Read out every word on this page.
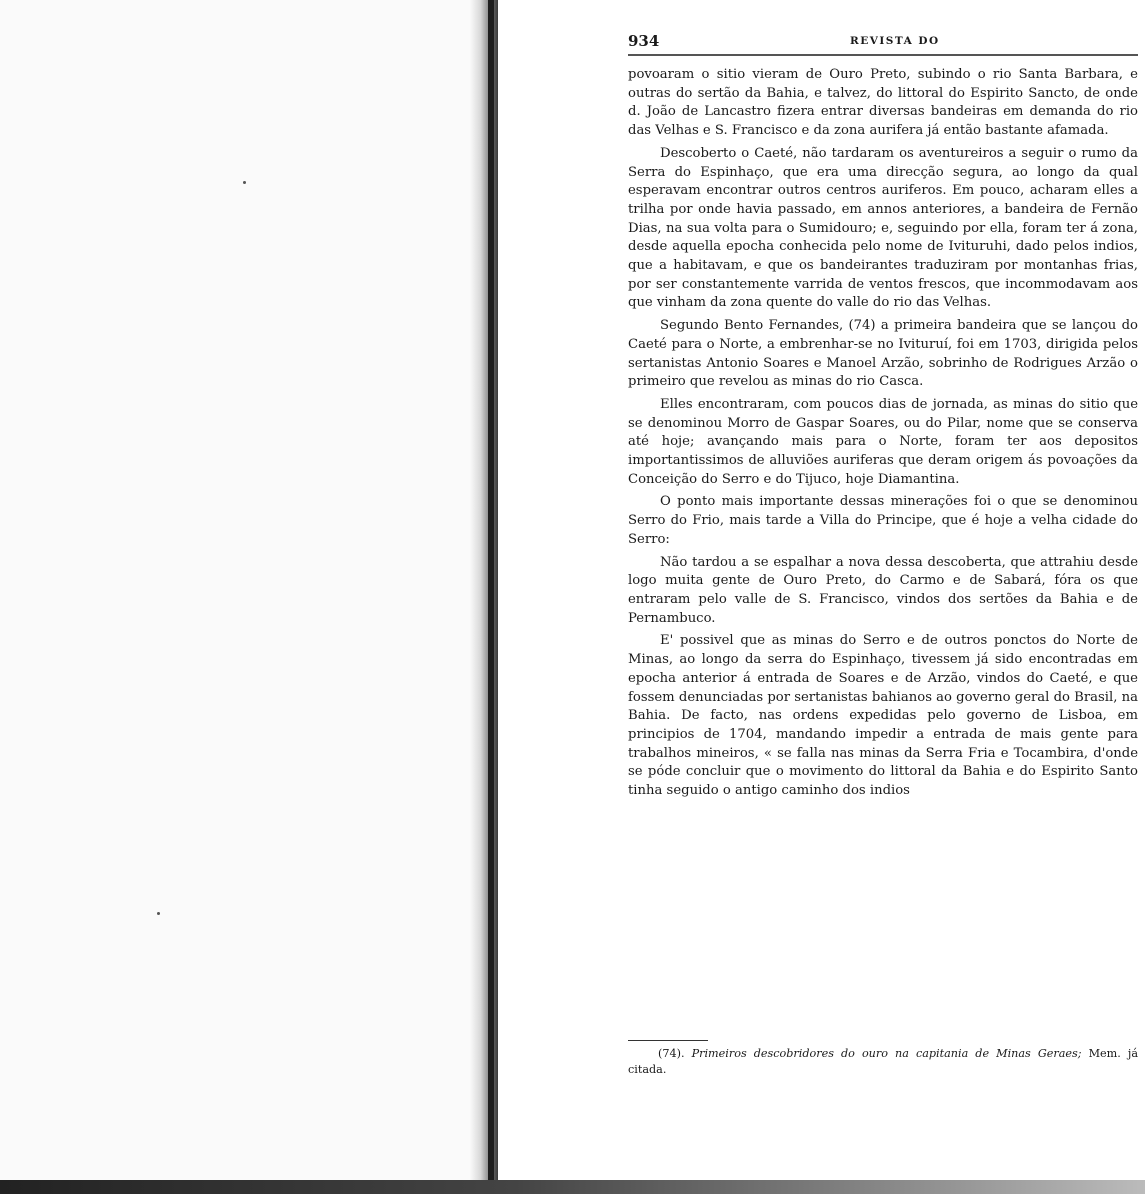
934	REVISTA DO

povoaram o sitio vieram de Ouro Preto, subindo o rio Santa Barbara, e outras do sertão da Bahia, e talvez, do littoral do Espirito Sancto, de onde d. João de Lancastro fizera entrar diversas bandeiras em demanda do rio das Velhas e S. Francisco e da zona aurifera já então bastante afamada.

Descoberto o Caeté, não tardaram os aventureiros a seguir o rumo da Serra do Espinhaço, que era uma direcção segura, ao longo da qual esperavam encontrar outros centros auriferos. Em pouco, acharam elles a trilha por onde havia passado, em annos anteriores, a bandeira de Fernão Dias, na sua volta para o Sumidouro; e, seguindo por ella, foram ter á zona, desde aquella epocha conhecida pelo nome de Ivituruhi, dado pelos indios, que a habitavam, e que os bandeirantes traduziram por montanhas frias, por ser constantemente varrida de ventos frescos, que incommodavam aos que vinham da zona quente do valle do rio das Velhas.

Segundo Bento Fernandes, (74) a primeira bandeira que se lançou do Caeté para o Norte, a embrenhar-se no Ivituruí, foi em 1703, dirigida pelos sertanistas Antonio Soares e Manoel Arzão, sobrinho de Rodrigues Arzão o primeiro que revelou as minas do rio Casca.

Elles encontraram, com poucos dias de jornada, as minas do sitio que se denominou Morro de Gaspar Soares, ou do Pilar, nome que se conserva até hoje; avançando mais para o Norte, foram ter aos depositos importantissimos de alluviões auriferas que deram origem ás povoações da Conceição do Serro e do Tijuco, hoje Diamantina.

O ponto mais importante dessas minerações foi o que se denominou Serro do Frio, mais tarde a Villa do Principe, que é hoje a velha cidade do Serro:

Não tardou a se espalhar a nova dessa descoberta, que attrahiu desde logo muita gente de Ouro Preto, do Carmo e de Sabará, fóra os que entraram pelo valle de S. Francisco, vindos dos sertões da Bahia e de Pernambuco.

E' possivel que as minas do Serro e de outros ponctos do Norte de Minas, ao longo da serra do Espinhaço, tivessem já sido encontradas em epocha anterior á entrada de Soares e de Arzão, vindos do Caeté, e que fossem denunciadas por sertanistas bahianos ao governo geral do Brasil, na Bahia. De facto, nas ordens expedidas pelo governo de Lisboa, em principios de 1704, mandando impedir a entrada de mais gente para trabalhos mineiros, « se falla nas minas da Serra Fria e Tocambira, d'onde se póde concluir que o movimento do littoral da Bahia e do Espirito Santo tinha seguido o antigo caminho dos indios

(74). Primeiros descobridores do ouro na capitania de Minas Geraes; Mem. já citada.
